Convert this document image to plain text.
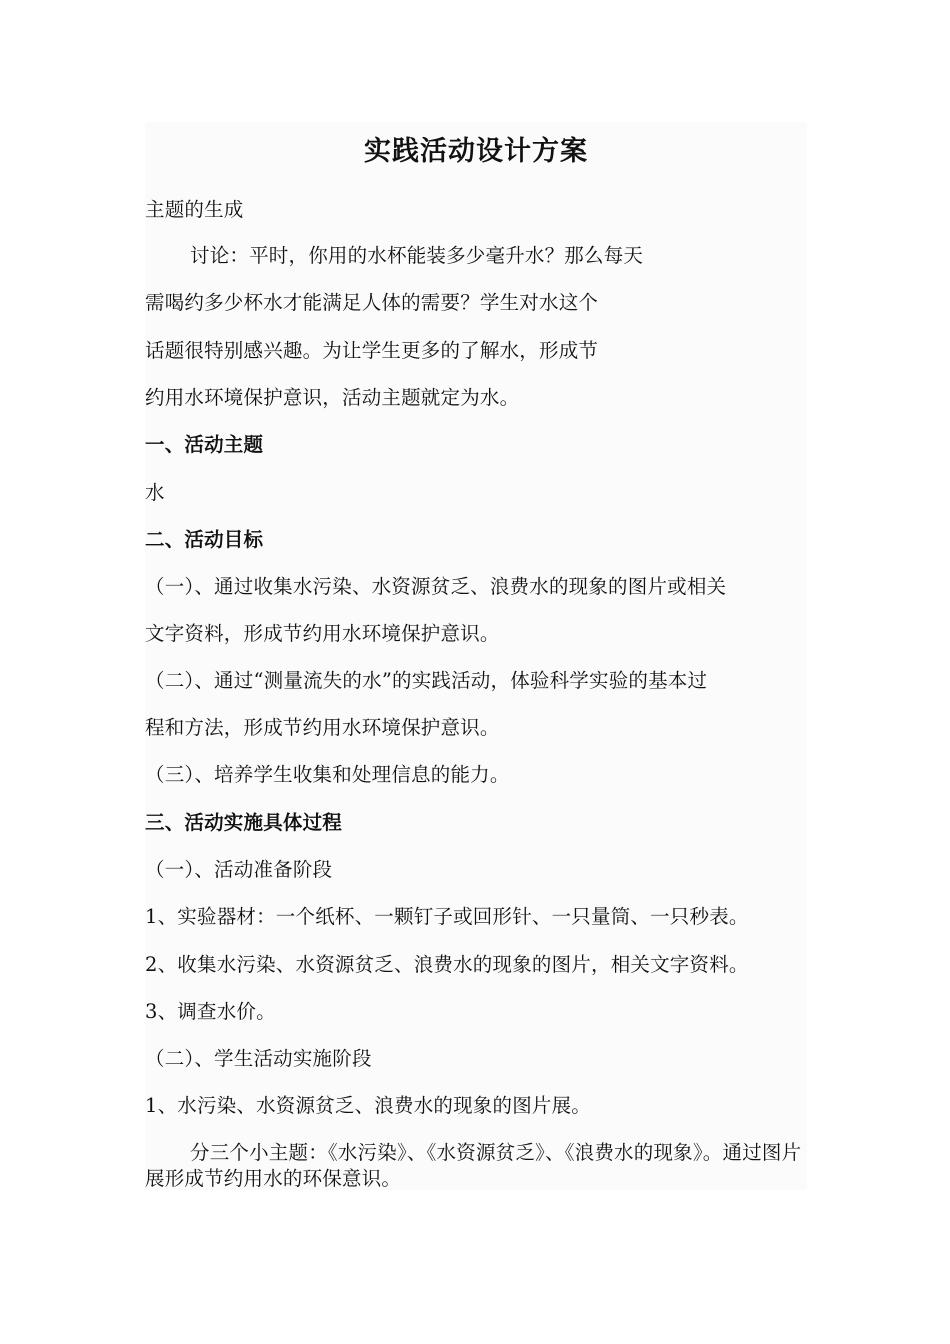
实践活动设计方案
主题的生成
讨论：平时，你用的水杯能装多少毫升水？那么每天
需喝约多少杯水才能满足人体的需要？学生对水这个
话题很特别感兴趣。为让学生更多的了解水，形成节
约用水环境保护意识，活动主题就定为水。
一、活动主题
水
二、活动目标
（一）、通过收集水污染、水资源贫乏、浪费水的现象的图片或相关
文字资料，形成节约用水环境保护意识。
（二）、通过“测量流失的水”的实践活动，体验科学实验的基本过
程和方法，形成节约用水环境保护意识。
（三）、培养学生收集和处理信息的能力。
三、活动实施具体过程
（一）、活动准备阶段
1、实验器材：一个纸杯、一颗钉子或回形针、一只量筒、一只秒表。
2、收集水污染、水资源贫乏、浪费水的现象的图片，相关文字资料。
3、调查水价。
（二）、学生活动实施阶段
1、水污染、水资源贫乏、浪费水的现象的图片展。
分三个小主题：《水污染》、《水资源贫乏》、《浪费水的现象》。通过图片展形成节约用水的环保意识。
